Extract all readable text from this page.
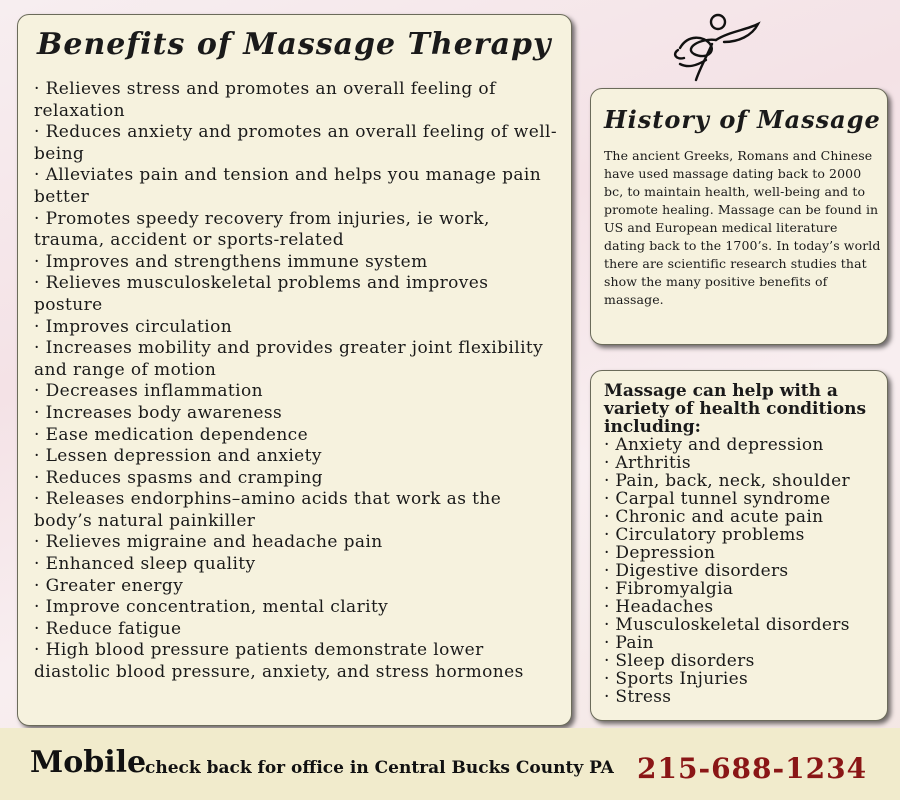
Benefits of Massage Therapy
· Relieves stress and promotes an overall feeling of relaxation
· Reduces anxiety and promotes an overall feeling of well-being
· Alleviates pain and tension and helps you manage pain better
· Promotes speedy recovery from injuries, ie work, trauma, accident or sports-related
· Improves and strengthens immune system
· Relieves musculoskeletal problems and improves posture
· Improves circulation
· Increases mobility and provides greater joint flexibility and range of motion
· Decreases inflammation
· Increases body awareness
· Ease medication dependence
· Lessen depression and anxiety
· Reduces spasms and cramping
· Releases endorphins–amino acids that work as the body’s natural painkiller
· Relieves migraine and headache pain
· Enhanced sleep quality
· Greater energy
· Improve concentration, mental clarity
· Reduce fatigue
· High blood pressure patients demonstrate lower diastolic blood pressure, anxiety, and stress hormones
History of Massage

The ancient Greeks, Romans and Chinese have used massage dating back to 2000 bc, to maintain health, well-being and to promote healing. Massage can be found in US and European medical literature dating back to the 1700’s. In today’s world there are scientific research studies that show the many positive benefits of massage.

Massage can help with a variety of health conditions including:

· Anxiety and depression
· Arthritis
· Pain, back, neck, shoulder
· Carpal tunnel syndrome
· Chronic and acute pain
· Circulatory problems
· Depression
· Digestive disorders
· Fibromyalgia
· Headaches
· Musculoskeletal disorders
· Pain
· Sleep disorders
· Sports Injuries
· Stress
Mobile
check back for office in Central Bucks County PA 215-688-1234
